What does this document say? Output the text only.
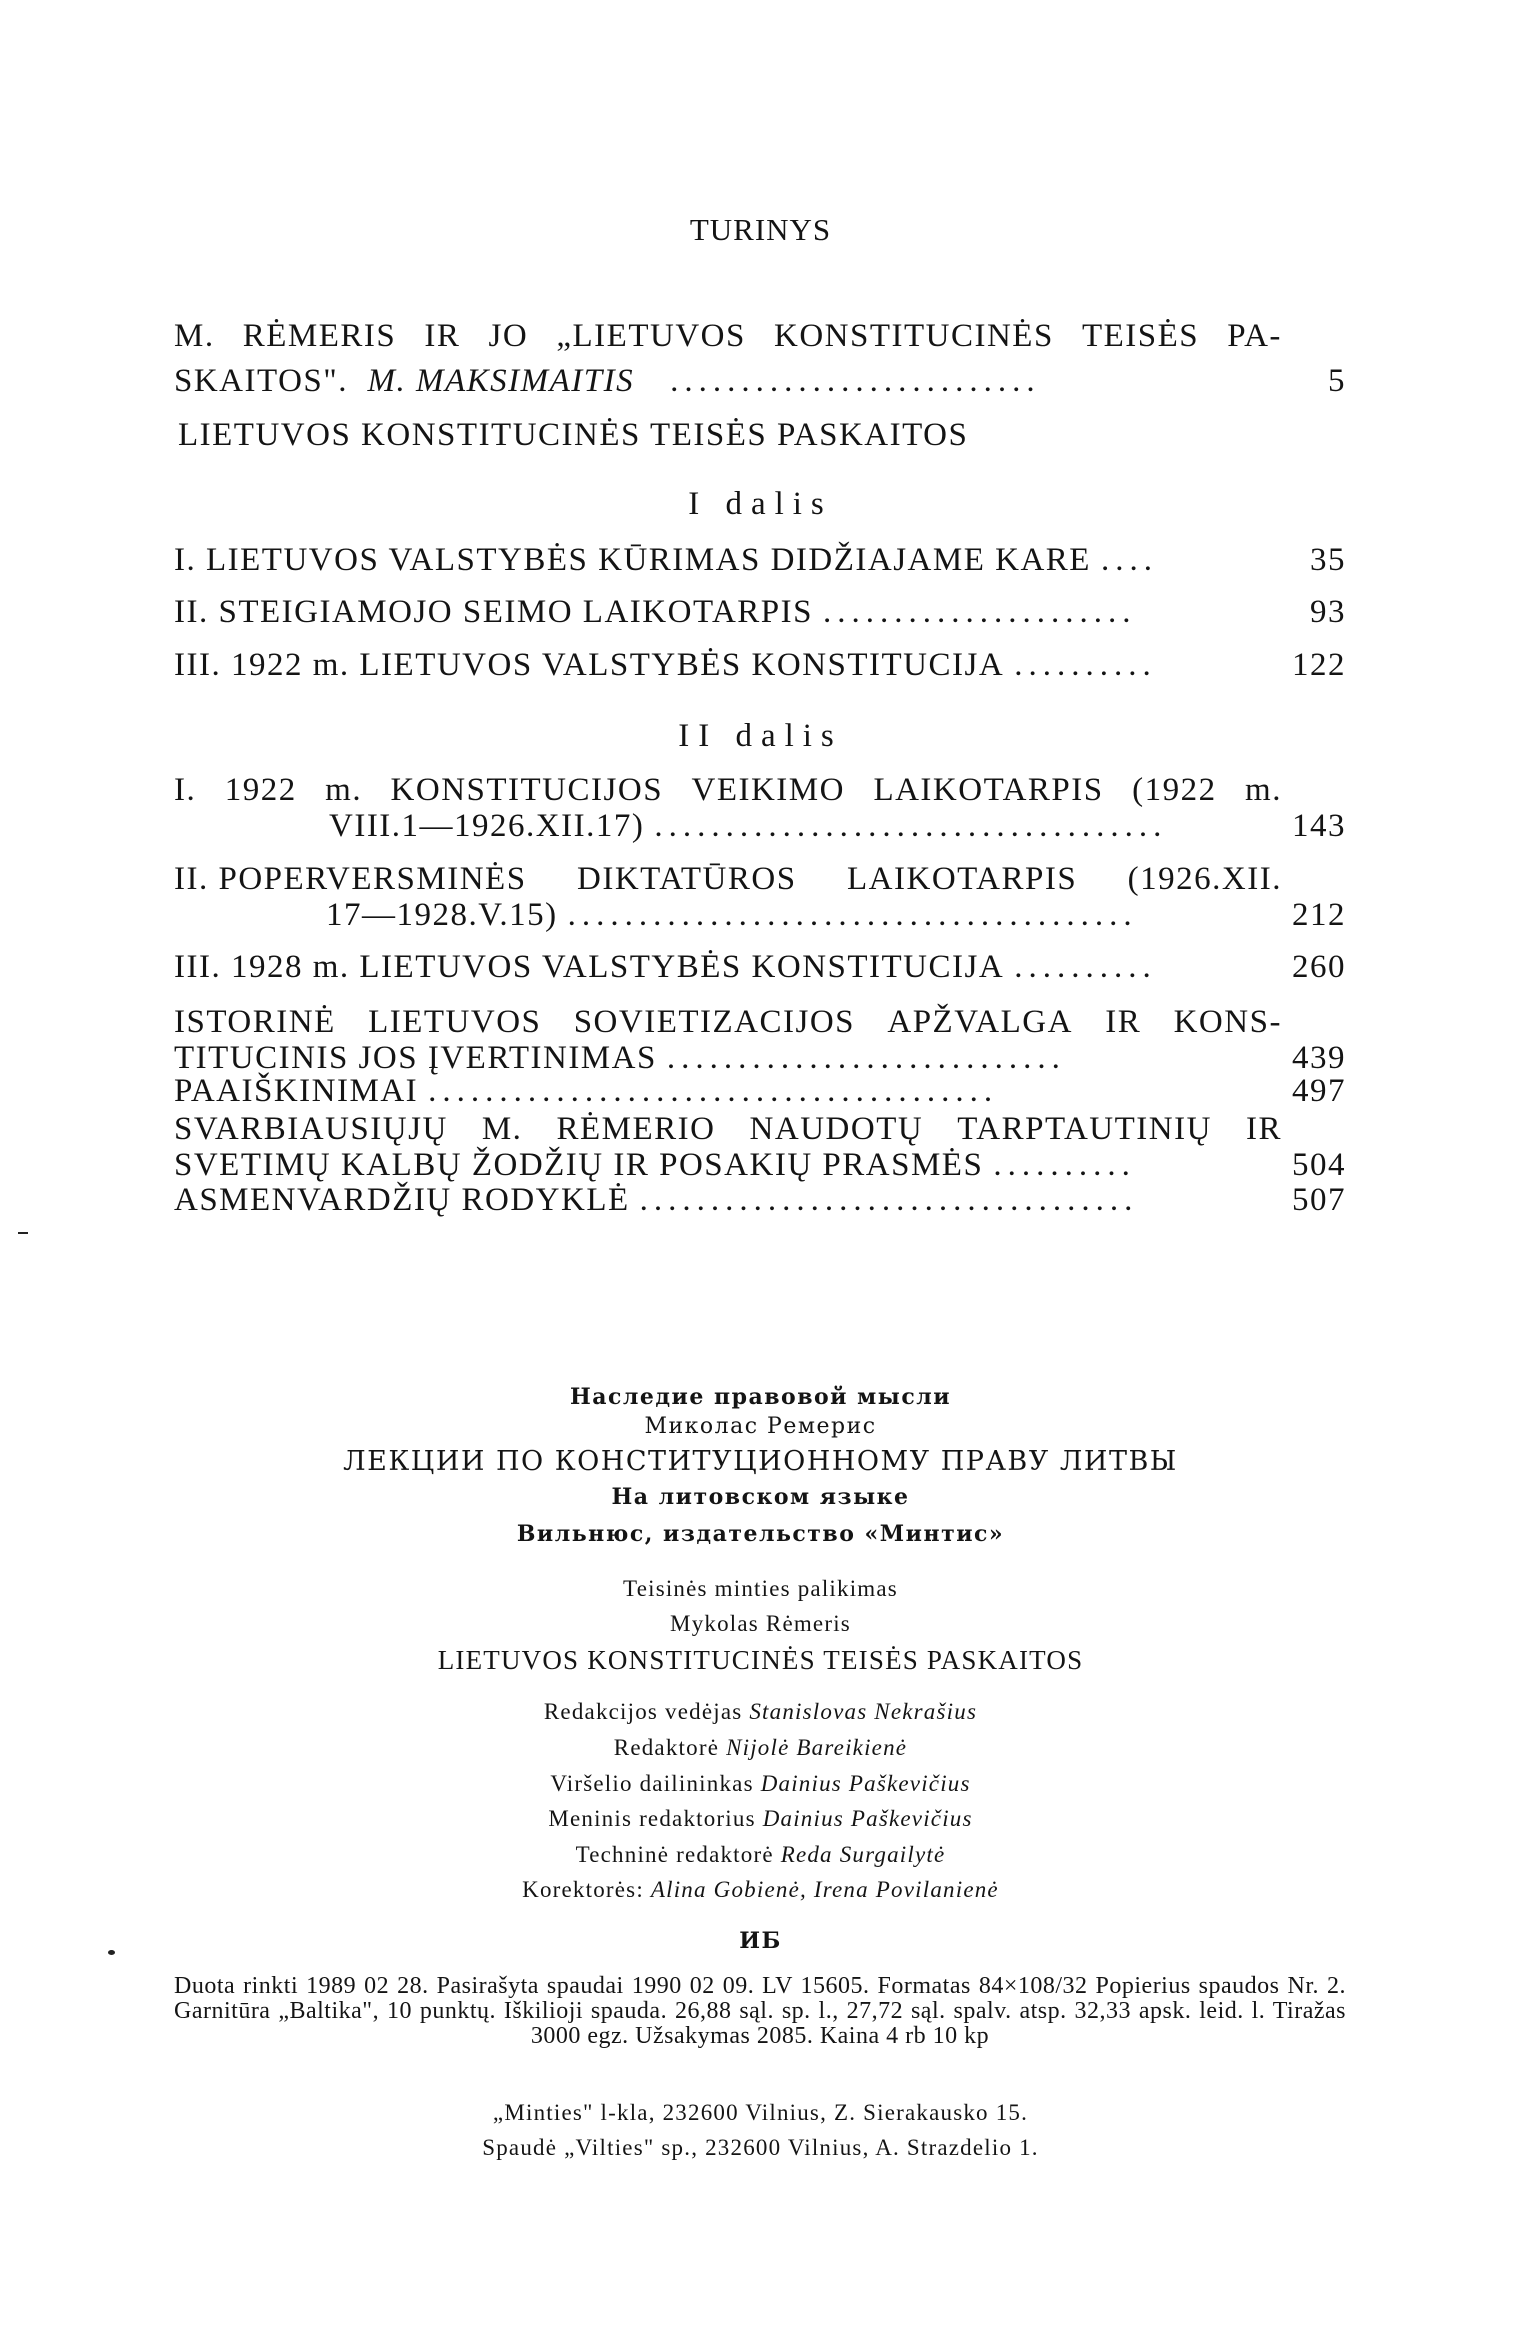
TURINYS
M. RĖMERIS IR JO „LIETUVOS KONSTITUCINĖS TEISĖS PA-
SKAITOS". M. MAKSIMAITIS ..........................	5
LIETUVOS KONSTITUCINĖS TEISĖS PASKAITOS
I dalis
I. LIETUVOS VALSTYBĖS KŪRIMAS DIDŽIAJAME KARE ....	35
II. STEIGIAMOJO SEIMO LAIKOTARPIS ......................	93
III. 1922 m. LIETUVOS VALSTYBĖS KONSTITUCIJA ..........	122
II dalis
I. 1922 m. KONSTITUCIJOS VEIKIMO LAIKOTARPIS (1922 m.
VIII.1—1926.XII.17) ....................................	143
II. POPERVERSMINĖS DIKTATŪROS LAIKOTARPIS (1926.XII.
17—1928.V.15) ........................................	212
III. 1928 m. LIETUVOS VALSTYBĖS KONSTITUCIJA ..........	260
ISTORINĖ LIETUVOS SOVIETIZACIJOS APŽVALGA IR KONS-
TITUCINIS JOS ĮVERTINIMAS ............................	439
PAAIŠKINIMAI ........................................	497
SVARBIAUSIŲJŲ M. RĖMERIO NAUDOTŲ TARPTAUTINIŲ IR
SVETIMŲ KALBŲ ŽODŽIŲ IR POSAKIŲ PRASMĖS ..........	504
ASMENVARDŽIŲ RODYKLĖ ...................................	507
Наследие правовой мысли
Миколас Ремерис
ЛЕКЦИИ ПО КОНСТИТУЦИОННОМУ ПРАВУ ЛИТВЫ
На литовском языке
Вильнюс, издательство «Минтис»
Teisinės minties palikimas
Mykolas Rėmeris
LIETUVOS KONSTITUCINĖS TEISĖS PASKAITOS
Redakcijos vedėjas Stanislovas Nekrašius
Redaktorė Nijolė Bareikienė
Viršelio dailininkas Dainius Paškevičius
Meninis redaktorius Dainius Paškevičius
Techninė redaktorė Reda Surgailytė
Korektorės: Alina Gobienė, Irena Povilanienė
ИБ
Duota rinkti 1989 02 28. Pasirašyta spaudai 1990 02 09. LV 15605. Formatas 84×108/32 Popierius spaudos Nr. 2. Garnitūra „Baltika", 10 punktų. Iškilioji spauda. 26,88 sąl. sp. l., 27,72 sąl. spalv. atsp. 32,33 apsk. leid. l. Tiražas 3000 egz. Užsakymas 2085. Kaina 4 rb 10 kp
„Minties" l-kla, 232600 Vilnius, Z. Sierakausko 15.
Spaudė „Vilties" sp., 232600 Vilnius, A. Strazdelio 1.
